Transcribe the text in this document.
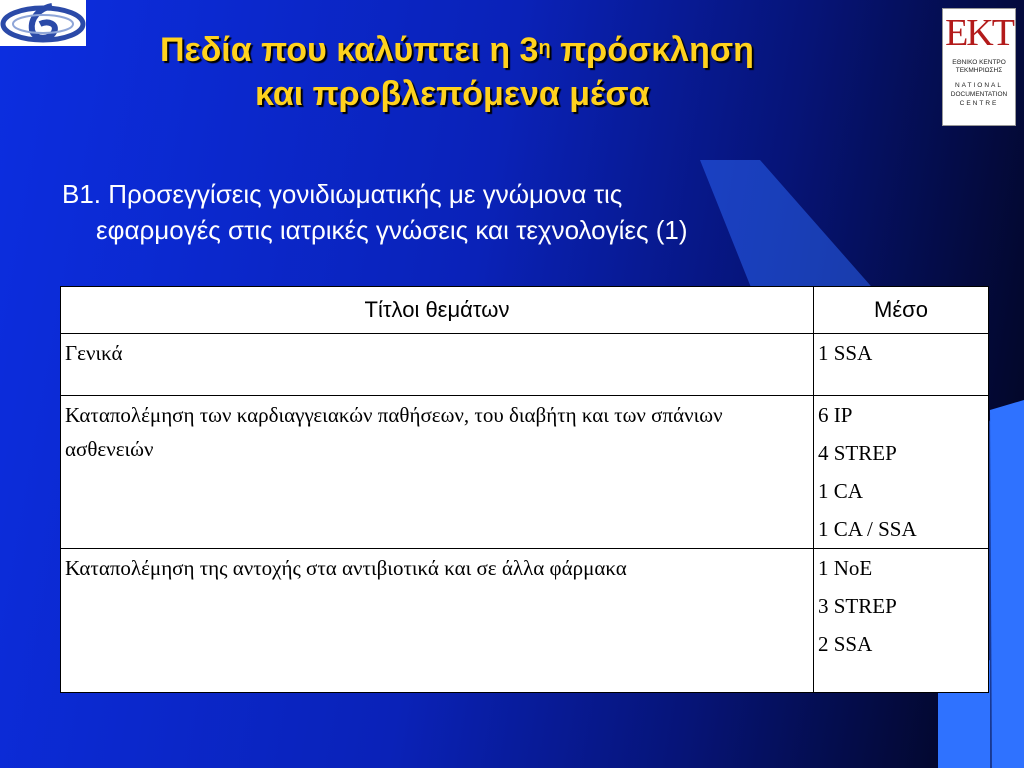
EKT
ΕΘΝΙΚΟ ΚΕΝΤΡΟ
ΤΕΚΜΗΡΙΩΣΗΣ
NATIONAL
DOCUMENTATION
CENTRE
Πεδία που καλύπτει η $3^\eta$ πρόσκληση
και προβλεπόμενα μέσα
B1. Προσεγγίσεις γονιδιωματικής με γνώμονα τις
εφαρμογές στις ιατρικές γνώσεις και τεχνολογίες (1)
Τίτλοι θεμάτων	Μέσο
Γενικά	1 SSA

Καταπολέμηση των καρδιαγγειακών παθήσεων, του διαβήτη και των σπάνιων ασθενειών	6 IP
4 STREP
1 CA
1 CA / SSA

Καταπολέμηση της αντοχής στα αντιβιοτικά και σε άλλα φάρμακα	1 NoE
3 STREP
2 SSA
